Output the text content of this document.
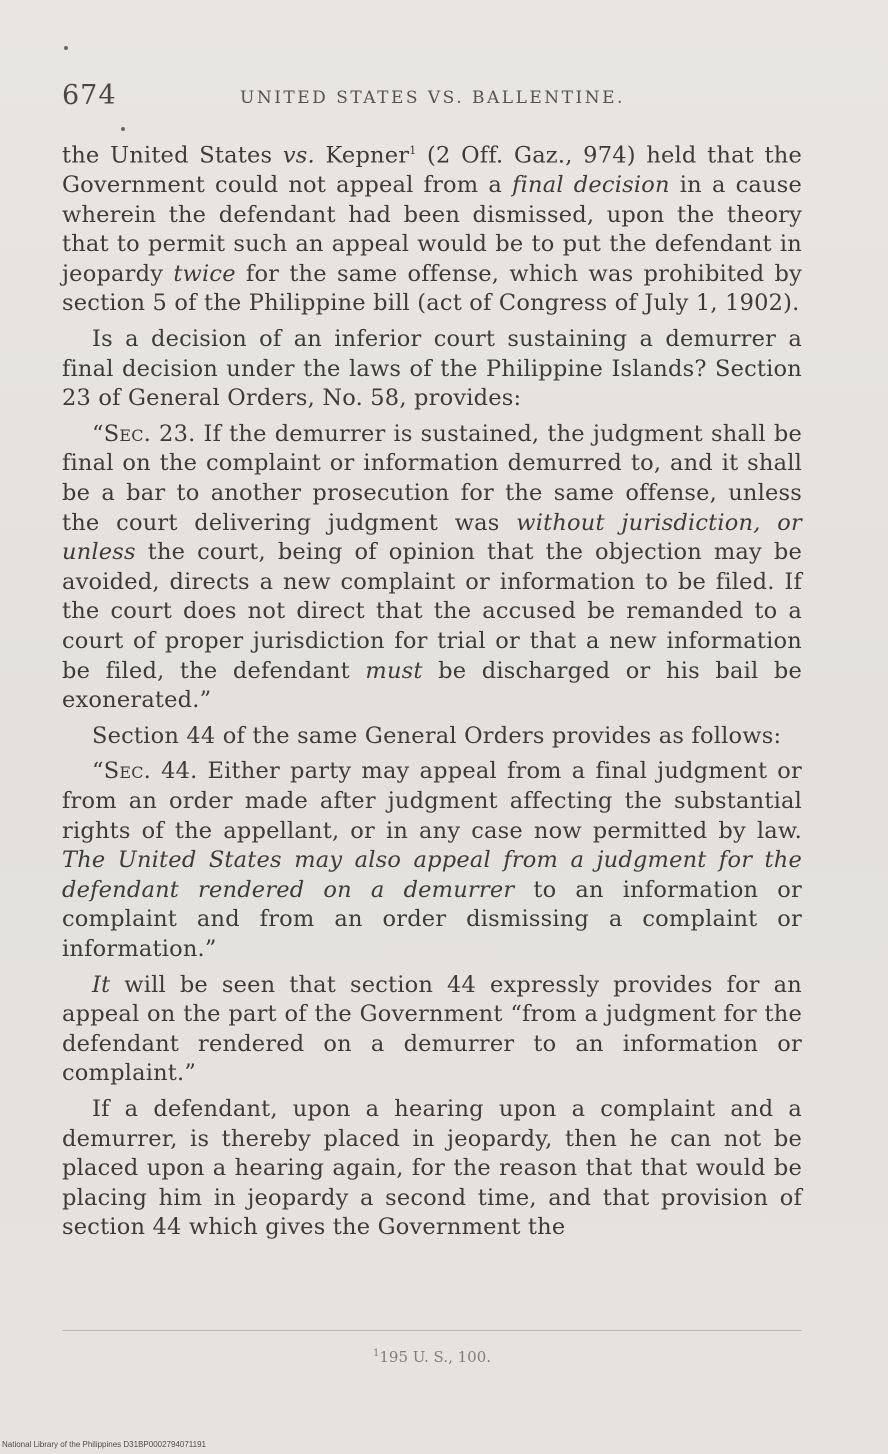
674	UNITED STATES VS. BALLENTINE.

the United States vs. Kepner$^1$ (2 Off. Gaz., 974) held that the Government could not appeal from a final decision in a cause wherein the defendant had been dismissed, upon the theory that to permit such an appeal would be to put the defendant in jeopardy twice for the same offense, which was prohibited by section 5 of the Philippine bill (act of Congress of July 1, 1902).

Is a decision of an inferior court sustaining a demurrer a final decision under the laws of the Philippine Islands? Section 23 of General Orders, No. 58, provides:

“Sec. 23. If the demurrer is sustained, the judgment shall be final on the complaint or information demurred to, and it shall be a bar to another prosecution for the same offense, unless the court delivering judgment was without jurisdiction, or unless the court, being of opinion that the objection may be avoided, directs a new complaint or information to be filed. If the court does not direct that the accused be remanded to a court of proper jurisdiction for trial or that a new information be filed, the defendant must be discharged or his bail be exonerated.”

Section 44 of the same General Orders provides as follows:

“Sec. 44. Either party may appeal from a final judgment or from an order made after judgment affecting the substantial rights of the appellant, or in any case now permitted by law. The United States may also appeal from a judgment for the defendant rendered on a demurrer to an information or complaint and from an order dismissing a complaint or information.”

It will be seen that section 44 expressly provides for an appeal on the part of the Government “from a judgment for the defendant rendered on a demurrer to an information or complaint.”

If a defendant, upon a hearing upon a complaint and a demurrer, is thereby placed in jeopardy, then he can not be placed upon a hearing again, for the reason that that would be placing him in jeopardy a second time, and that provision of section 44 which gives the Government the

$^1$195 U. S., 100.
National Library of the Philippines D31BP0002794071191
